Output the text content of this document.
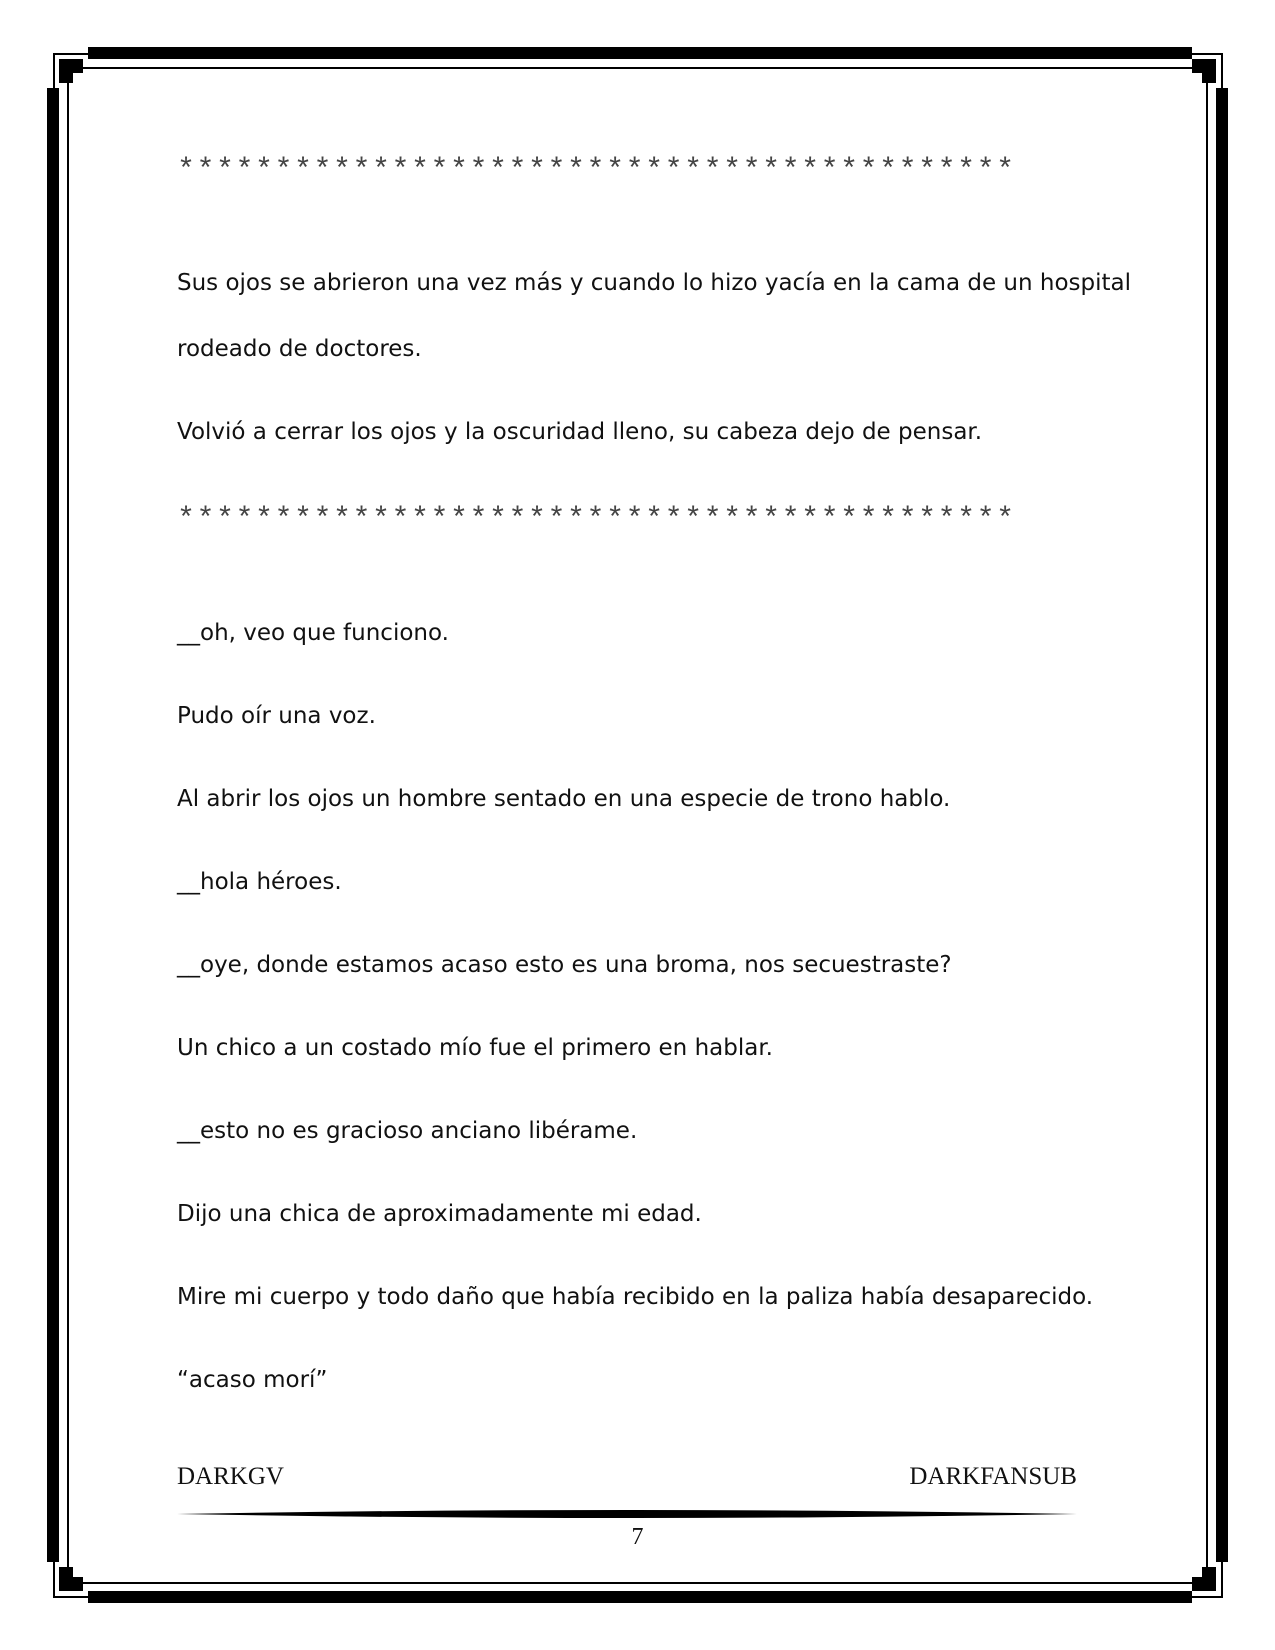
*******************************************
Sus ojos se abrieron una vez más y cuando lo hizo yacía en la cama de un hospital
rodeado de doctores.
Volvió a cerrar los ojos y la oscuridad lleno, su cabeza dejo de pensar.
*******************************************
__oh, veo que funciono.
Pudo oír una voz.
Al abrir los ojos un hombre sentado en una especie de trono hablo.
__hola héroes.
__oye, donde estamos acaso esto es una broma, nos secuestraste?
Un chico a un costado mío fue el primero en hablar.
__esto no es gracioso anciano libérame.
Dijo una chica de aproximadamente mi edad.
Mire mi cuerpo y todo daño que había recibido en la paliza había desaparecido.
“acaso morí”
DARKGV	DARKFANSUB
7
